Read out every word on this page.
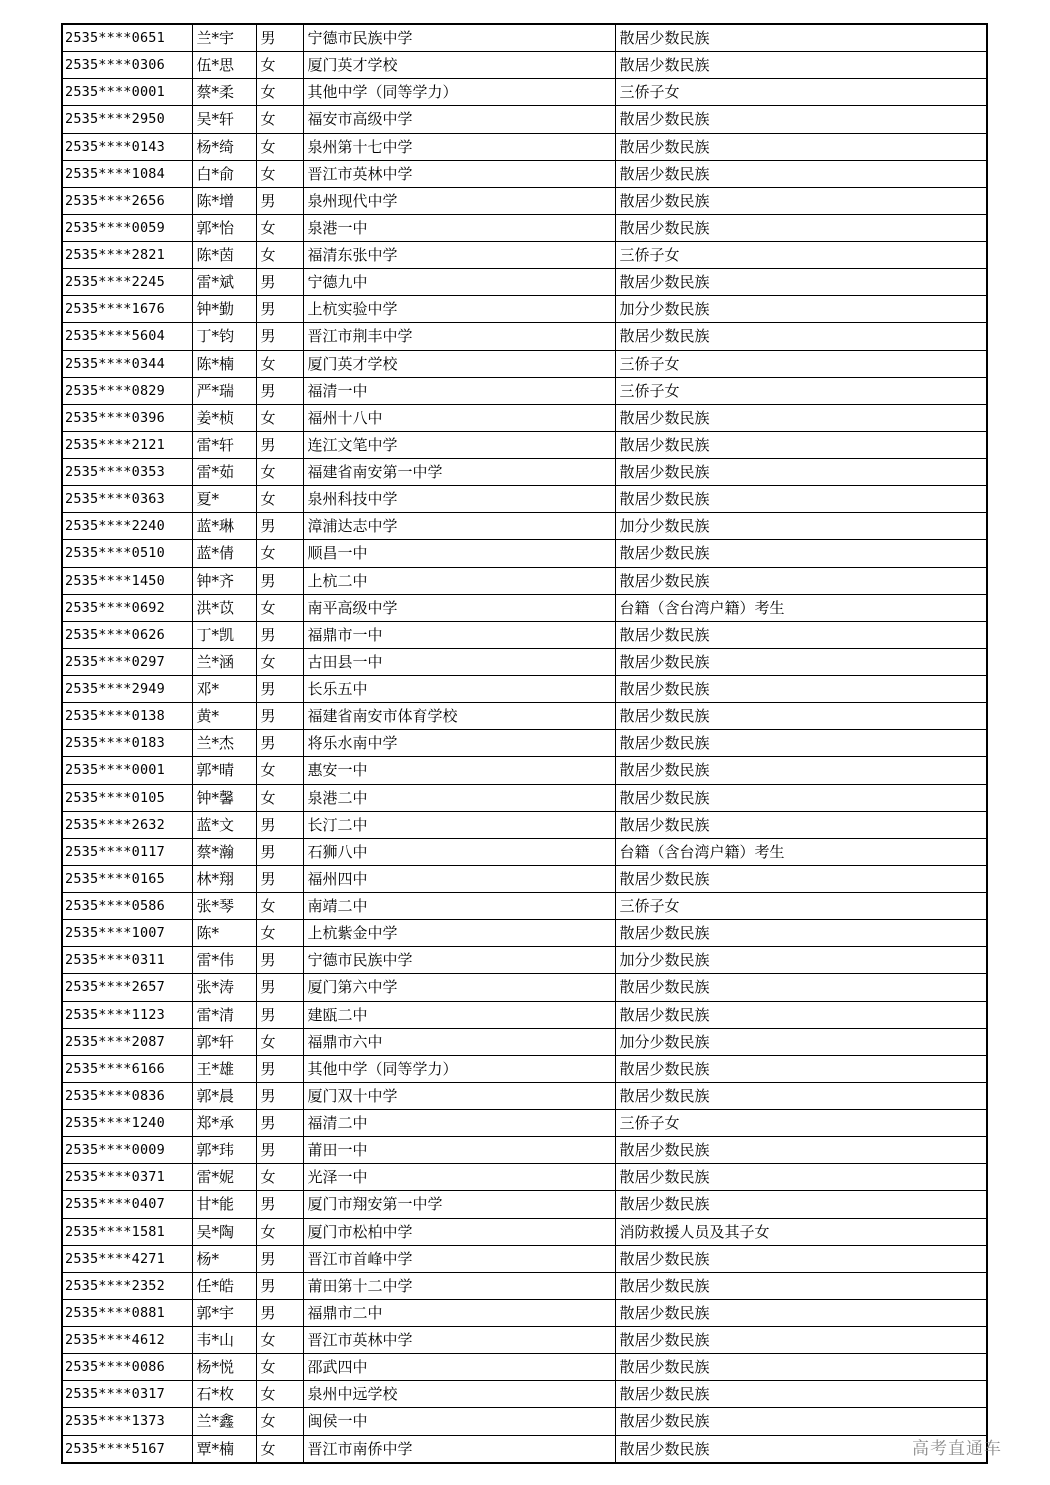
2535****0651	兰*宇	男	宁德市民族中学	散居少数民族
2535****0306	伍*思	女	厦门英才学校	散居少数民族
2535****0001	蔡*柔	女	其他中学（同等学力）	三侨子女
2535****2950	吴*轩	女	福安市高级中学	散居少数民族
2535****0143	杨*绮	女	泉州第十七中学	散居少数民族
2535****1084	白*俞	女	晋江市英林中学	散居少数民族
2535****2656	陈*增	男	泉州现代中学	散居少数民族
2535****0059	郭*怡	女	泉港一中	散居少数民族
2535****2821	陈*茵	女	福清东张中学	三侨子女
2535****2245	雷*斌	男	宁德九中	散居少数民族
2535****1676	钟*勤	男	上杭实验中学	加分少数民族
2535****5604	丁*钧	男	晋江市荆丰中学	散居少数民族
2535****0344	陈*楠	女	厦门英才学校	三侨子女
2535****0829	严*瑞	男	福清一中	三侨子女
2535****0396	姜*桢	女	福州十八中	散居少数民族
2535****2121	雷*轩	男	连江文笔中学	散居少数民族
2535****0353	雷*茹	女	福建省南安第一中学	散居少数民族
2535****0363	夏*	女	泉州科技中学	散居少数民族
2535****2240	蓝*琳	男	漳浦达志中学	加分少数民族
2535****0510	蓝*倩	女	顺昌一中	散居少数民族
2535****1450	钟*齐	男	上杭二中	散居少数民族
2535****0692	洪*苡	女	南平高级中学	台籍（含台湾户籍）考生
2535****0626	丁*凯	男	福鼎市一中	散居少数民族
2535****0297	兰*涵	女	古田县一中	散居少数民族
2535****2949	邓*	男	长乐五中	散居少数民族
2535****0138	黄*	男	福建省南安市体育学校	散居少数民族
2535****0183	兰*杰	男	将乐水南中学	散居少数民族
2535****0001	郭*晴	女	惠安一中	散居少数民族
2535****0105	钟*馨	女	泉港二中	散居少数民族
2535****2632	蓝*文	男	长汀二中	散居少数民族
2535****0117	蔡*瀚	男	石狮八中	台籍（含台湾户籍）考生
2535****0165	林*翔	男	福州四中	散居少数民族
2535****0586	张*琴	女	南靖二中	三侨子女
2535****1007	陈*	女	上杭紫金中学	散居少数民族
2535****0311	雷*伟	男	宁德市民族中学	加分少数民族
2535****2657	张*涛	男	厦门第六中学	散居少数民族
2535****1123	雷*清	男	建瓯二中	散居少数民族
2535****2087	郭*轩	女	福鼎市六中	加分少数民族
2535****6166	王*雄	男	其他中学（同等学力）	散居少数民族
2535****0836	郭*晨	男	厦门双十中学	散居少数民族
2535****1240	郑*承	男	福清二中	三侨子女
2535****0009	郭*玮	男	莆田一中	散居少数民族
2535****0371	雷*妮	女	光泽一中	散居少数民族
2535****0407	甘*能	男	厦门市翔安第一中学	散居少数民族
2535****1581	吴*陶	女	厦门市松柏中学	消防救援人员及其子女
2535****4271	杨*	男	晋江市首峰中学	散居少数民族
2535****2352	任*皓	男	莆田第十二中学	散居少数民族
2535****0881	郭*宇	男	福鼎市二中	散居少数民族
2535****4612	韦*山	女	晋江市英林中学	散居少数民族
2535****0086	杨*悦	女	邵武四中	散居少数民族
2535****0317	石*枚	女	泉州中远学校	散居少数民族
2535****1373	兰*鑫	女	闽侯一中	散居少数民族
2535****5167	覃*楠	女	晋江市南侨中学	散居少数民族	高考直通车
